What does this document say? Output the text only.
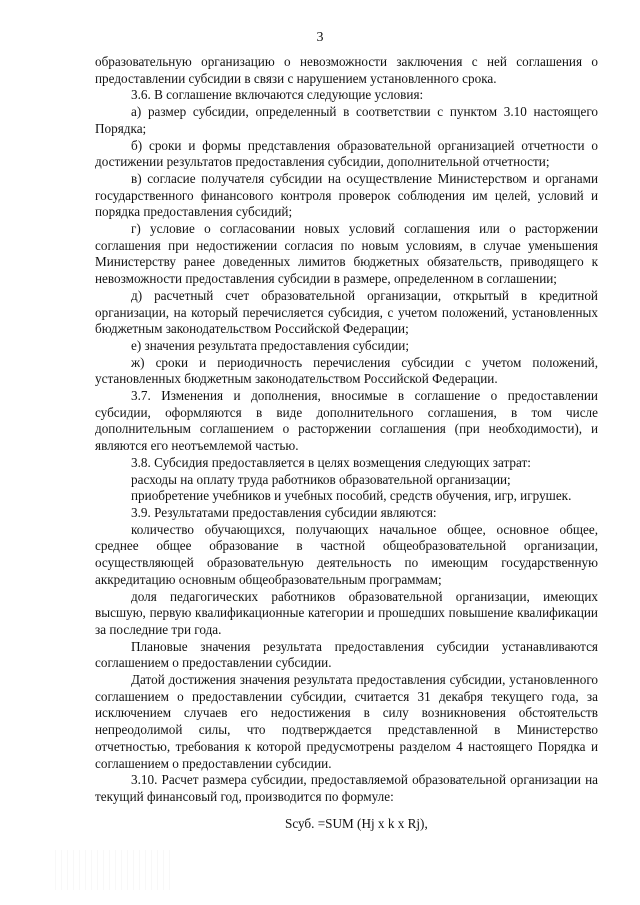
3

образовательную организацию о невозможности заключения с ней соглашения о предоставлении субсидии в связи с нарушением установленного срока.

3.6. В соглашение включаются следующие условия:

а) размер субсидии, определенный в соответствии с пунктом 3.10 настоящего Порядка;

б) сроки и формы представления образовательной организацией отчетности о достижении результатов предоставления субсидии, дополнительной отчетности;

в) согласие получателя субсидии на осуществление Министерством и органами государственного финансового контроля проверок соблюдения им целей, условий и порядка предоставления субсидий;

г) условие о согласовании новых условий соглашения или о расторжении соглашения при недостижении согласия по новым условиям, в случае уменьшения Министерству ранее доведенных лимитов бюджетных обязательств, приводящего к невозможности предоставления субсидии в размере, определенном в соглашении;

д) расчетный счет образовательной организации, открытый в кредитной организации, на который перечисляется субсидия, с учетом положений, установленных бюджетным законодательством Российской Федерации;

е) значения результата предоставления субсидии;

ж) сроки и периодичность перечисления субсидии с учетом положений, установленных бюджетным законодательством Российской Федерации.

3.7. Изменения и дополнения, вносимые в соглашение о предоставлении субсидии, оформляются в виде дополнительного соглашения, в том числе дополнительным соглашением о расторжении соглашения (при необходимости), и являются его неотъемлемой частью.

3.8. Субсидия предоставляется в целях возмещения следующих затрат:

расходы на оплату труда работников образовательной организации;

приобретение учебников и учебных пособий, средств обучения, игр, игрушек.

3.9. Результатами предоставления субсидии являются:

количество обучающихся, получающих начальное общее, основное общее, среднее общее образование в частной общеобразовательной организации, осуществляющей образовательную деятельность по имеющим государственную аккредитацию основным общеобразовательным программам;

доля педагогических работников образовательной организации, имеющих высшую, первую квалификационные категории и прошедших повышение квалификации за последние три года.

Плановые значения результата предоставления субсидии устанавливаются соглашением о предоставлении субсидии.

Датой достижения значения результата предоставления субсидии, установленного соглашением о предоставлении субсидии, считается 31 декабря текущего года, за исключением случаев его недостижения в силу возникновения обстоятельств непреодолимой силы, что подтверждается представленной в Министерство отчетностью, требования к которой предусмотрены разделом 4 настоящего Порядка и соглашением о предоставлении субсидии.

3.10. Расчет размера субсидии, предоставляемой образовательной организации на текущий финансовый год, производится по формуле:

Sсуб. =SUM (Hj x k x Rj),
